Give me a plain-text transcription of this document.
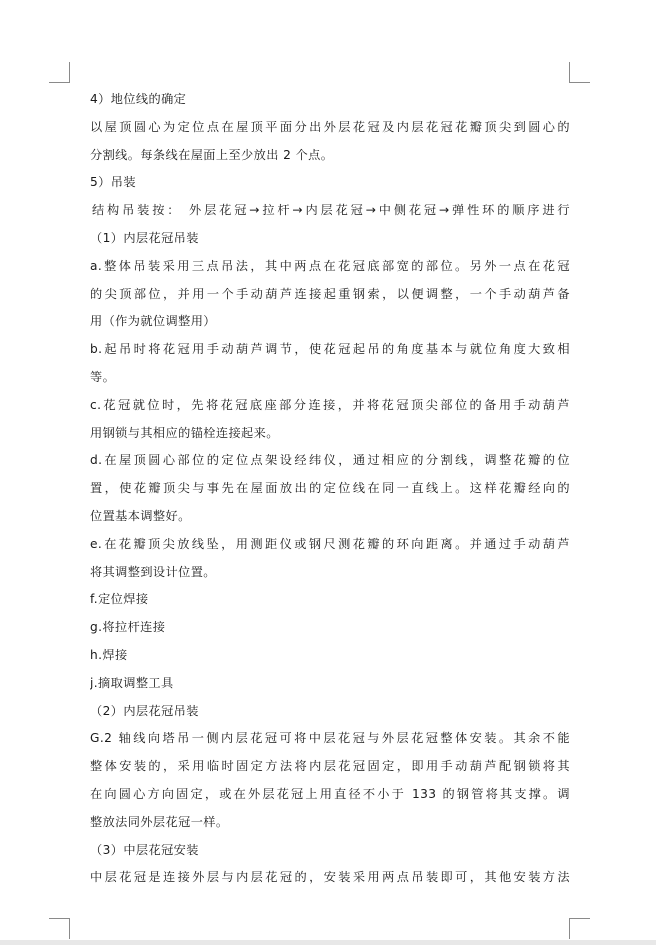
4）地位线的确定
以屋顶圆心为定位点在屋顶平面分出外层花冠及内层花冠花瓣顶尖到圆心的
分割线。每条线在屋面上至少放出 2 个点。
5）吊装
结构吊装按： 外层花冠→拉杆→内层花冠→中侧花冠→弹性环的顺序进行
（1）内层花冠吊装
a.整体吊装采用三点吊法，其中两点在花冠底部宽的部位。另外一点在花冠
的尖顶部位，并用一个手动葫芦连接起重钢索，以便调整，一个手动葫芦备
用（作为就位调整用）
b.起吊时将花冠用手动葫芦调节，使花冠起吊的角度基本与就位角度大致相
等。
c.花冠就位时，先将花冠底座部分连接，并将花冠顶尖部位的备用手动葫芦
用钢锁与其相应的锚栓连接起来。
d.在屋顶圆心部位的定位点架设经纬仪，通过相应的分割线，调整花瓣的位
置，使花瓣顶尖与事先在屋面放出的定位线在同一直线上。这样花瓣经向的
位置基本调整好。
e.在花瓣顶尖放线坠，用测距仪或钢尺测花瓣的环向距离。并通过手动葫芦
将其调整到设计位置。
f.定位焊接
g.将拉杆连接
h.焊接
j.摘取调整工具
（2）内层花冠吊装
G.2 轴线向塔吊一侧内层花冠可将中层花冠与外层花冠整体安装。其余不能
整体安装的，采用临时固定方法将内层花冠固定，即用手动葫芦配钢锁将其
在向圆心方向固定，或在外层花冠上用直径不小于 133 的钢管将其支撑。调
整放法同外层花冠一样。
（3）中层花冠安装
中层花冠是连接外层与内层花冠的，安装采用两点吊装即可，其他安装方法
